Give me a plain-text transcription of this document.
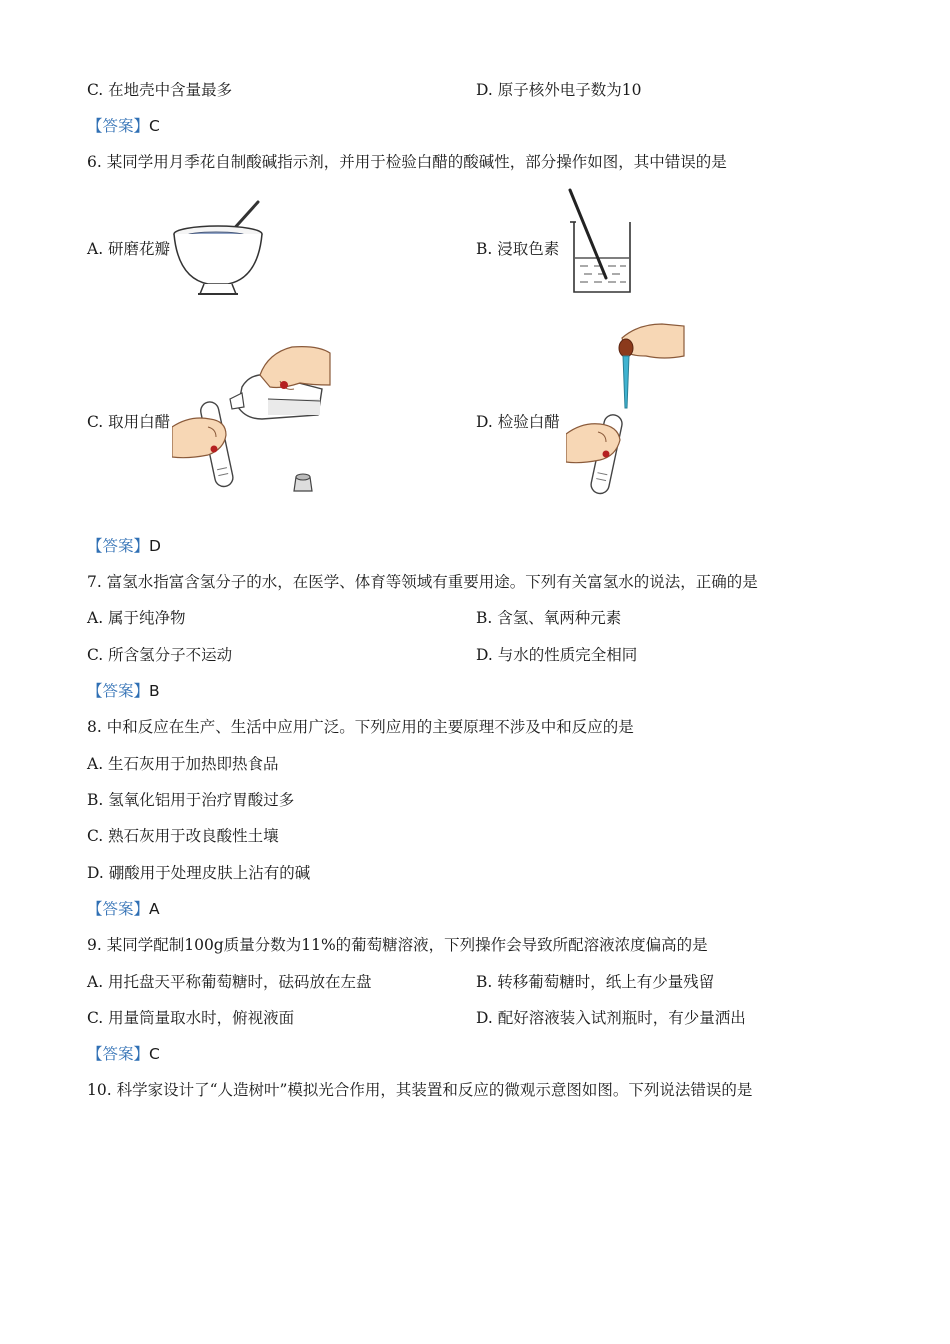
C. 在地壳中含量最多	D. 原子核外电子数为10
【答案】C
6. 某同学用月季花自制酸碱指示剂，并用于检验白醋的酸碱性，部分操作如图，其中错误的是
A. 研磨花瓣	B. 浸取色素
C. 取用白醋	D. 检验白醋
【答案】D
7. 富氢水指富含氢分子的水，在医学、体育等领域有重要用途。下列有关富氢水的说法，正确的是
A. 属于纯净物	B. 含氢、氧两种元素
C. 所含氢分子不运动	D. 与水的性质完全相同
【答案】B
8. 中和反应在生产、生活中应用广泛。下列应用的主要原理不涉及中和反应的是
A. 生石灰用于加热即热食品
B. 氢氧化铝用于治疗胃酸过多
C. 熟石灰用于改良酸性土壤
D. 硼酸用于处理皮肤上沾有的碱
【答案】A
9. 某同学配制100g质量分数为11%的葡萄糖溶液，下列操作会导致所配溶液浓度偏高的是
A. 用托盘天平称葡萄糖时，砝码放在左盘	B. 转移葡萄糖时，纸上有少量残留
C. 用量筒量取水时，俯视液面	D. 配好溶液装入试剂瓶时，有少量洒出
【答案】C
10. 科学家设计了“人造树叶”模拟光合作用，其装置和反应的微观示意图如图。下列说法错误的是
